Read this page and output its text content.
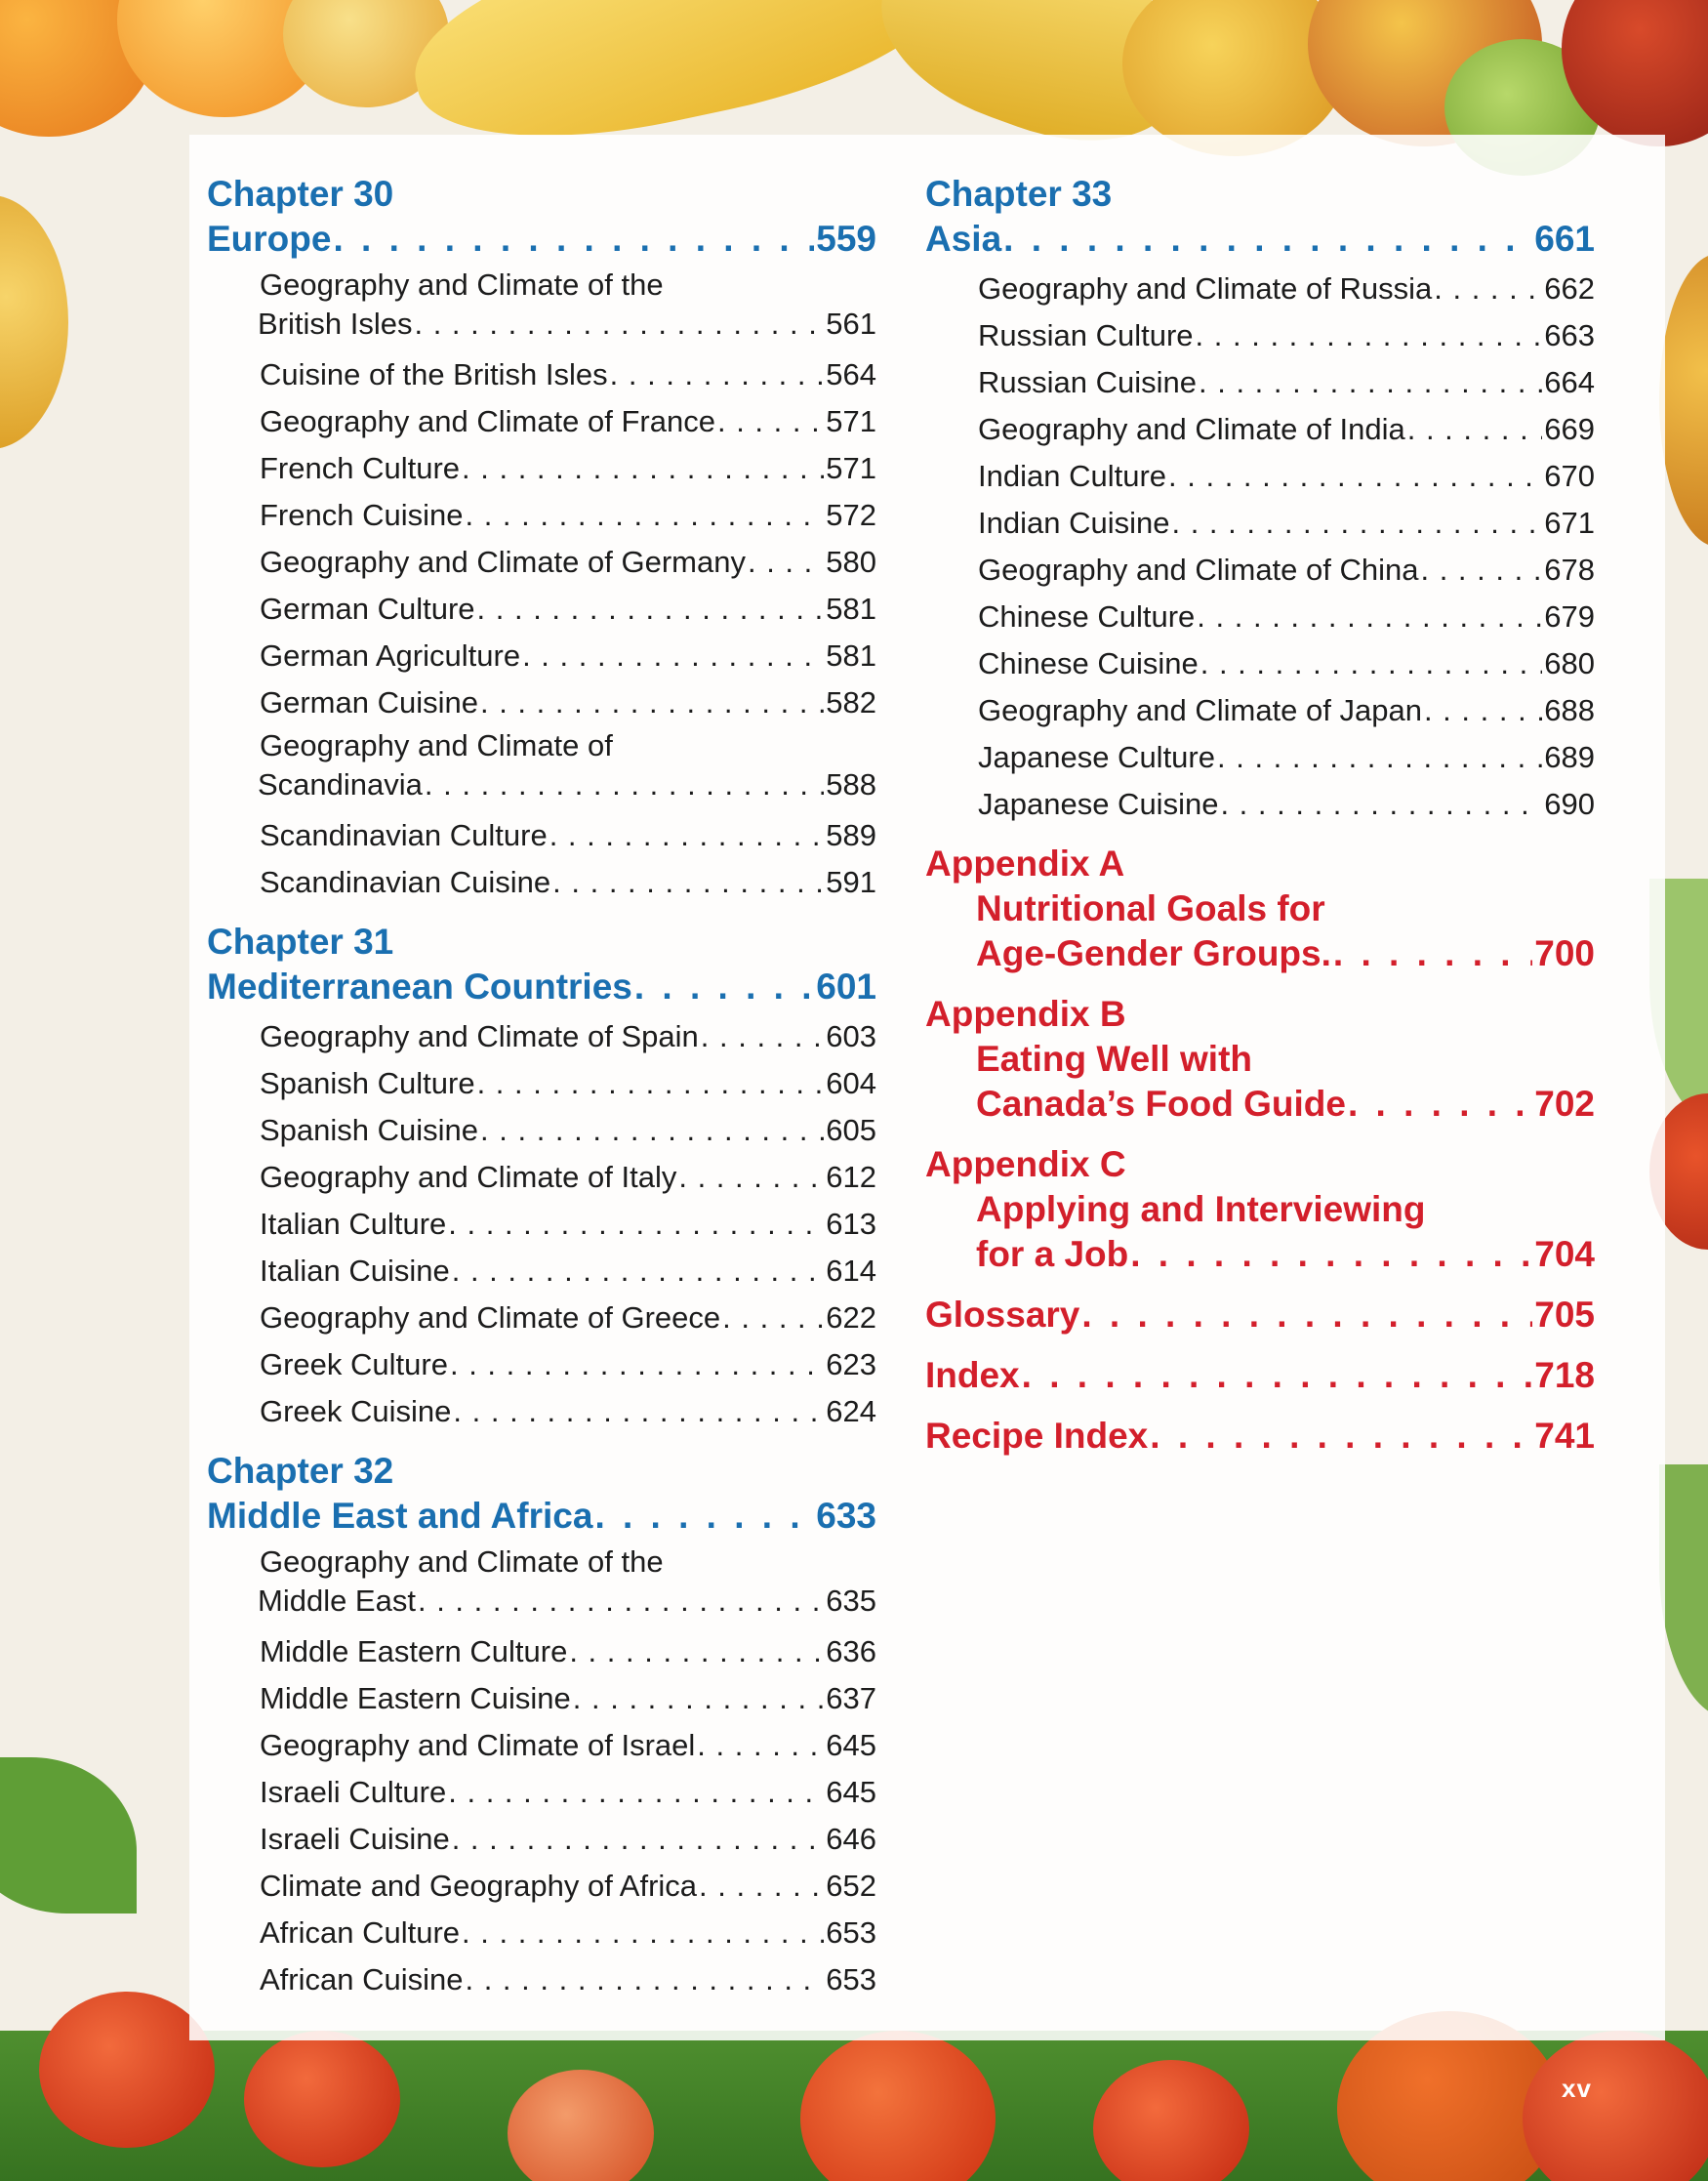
Chapter 30
Europe . . .	559
Geography and Climate of the
British Isles . . .	561
Cuisine of the British Isles . . .	564
Geography and Climate of France . . .	571
French Culture . . .	571
French Cuisine . . .	572
Geography and Climate of Germany . . .	580
German Culture . . .	581
German Agriculture . . .	581
German Cuisine . . .	582
Geography and Climate of
Scandinavia . . .	588
Scandinavian Culture . . .	589
Scandinavian Cuisine . . .	591
Chapter 31
Mediterranean Countries . . .	601
Geography and Climate of Spain . . .	603
Spanish Culture . . .	604
Spanish Cuisine . . .	605
Geography and Climate of Italy . . .	612
Italian Culture . . .	613
Italian Cuisine . . .	614
Geography and Climate of Greece . . .	622
Greek Culture . . .	623
Greek Cuisine . . .	624
Chapter 32
Middle East and Africa . . .	633
Geography and Climate of the
Middle East . . .	635
Middle Eastern Culture . . .	636
Middle Eastern Cuisine . . .	637
Geography and Climate of Israel . . .	645
Israeli Culture . . .	645
Israeli Cuisine . . .	646
Climate and Geography of Africa . . .	652
African Culture . . .	653
African Cuisine . . .	653
Chapter 33
Asia . . .	661
Geography and Climate of Russia . . .	662
Russian Culture . . .	663
Russian Cuisine . . .	664
Geography and Climate of India . . .	669
Indian Culture . . .	670
Indian Cuisine . . .	671
Geography and Climate of China . . .	678
Chinese Culture . . .	679
Chinese Cuisine . . .	680
Geography and Climate of Japan . . .	688
Japanese Culture . . .	689
Japanese Cuisine . . .	690
Appendix A
Nutritional Goals for
Age-Gender Groups. . . .	700
Appendix B
Eating Well with
Canada’s Food Guide . . .	702
Appendix C
Applying and Interviewing
for a Job . . .	704
Glossary . . .	705
Index . . .	718
Recipe Index . . .	741
xv
